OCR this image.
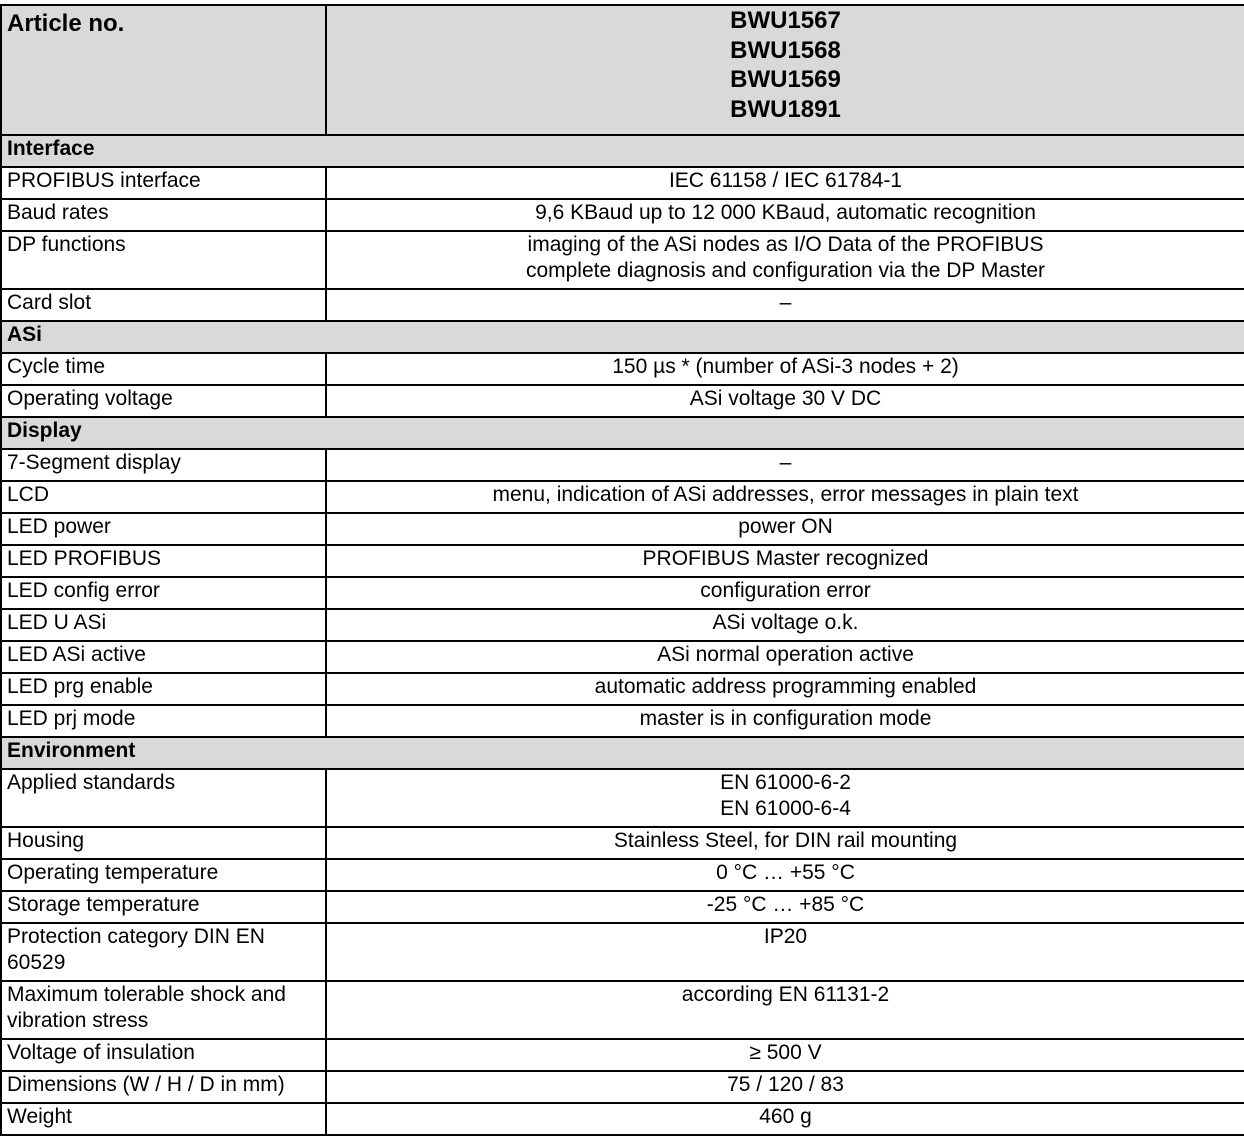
Article no.	BWU1567
BWU1568
BWU1569
BWU1891

Interface	
PROFIBUS interface	IEC 61158 / IEC 61784-1

Baud rates	9,6 KBaud up to 12 000 KBaud, automatic recognition

DP functions	imaging of the ASi nodes as I/O Data of the PROFIBUS
complete diagnosis and configuration via the DP Master

Card slot	–

ASi	
Cycle time	150 µs * (number of ASi-3 nodes + 2)

Operating voltage	ASi voltage 30 V DC

Display	
7-Segment display	–

LCD	menu, indication of ASi addresses, error messages in plain text

LED power	power ON

LED PROFIBUS	PROFIBUS Master recognized

LED config error	configuration error

LED U ASi	ASi voltage o.k.

LED ASi active	ASi normal operation active

LED prg enable	automatic address programming enabled

LED prj mode	master is in configuration mode

Environment	
Applied standards	EN 61000-6-2
EN 61000-6-4

Housing	Stainless Steel, for DIN rail mounting

Operating temperature	0 °C … +55 °C

Storage temperature	-25 °C … +85 °C

Protection category DIN EN 60529	IP20

Maximum tolerable shock and vibration stress	according EN 61131-2

Voltage of insulation	≥ 500 V

Dimensions (W / H / D in mm)	75 / 120 / 83

Weight	460 g
